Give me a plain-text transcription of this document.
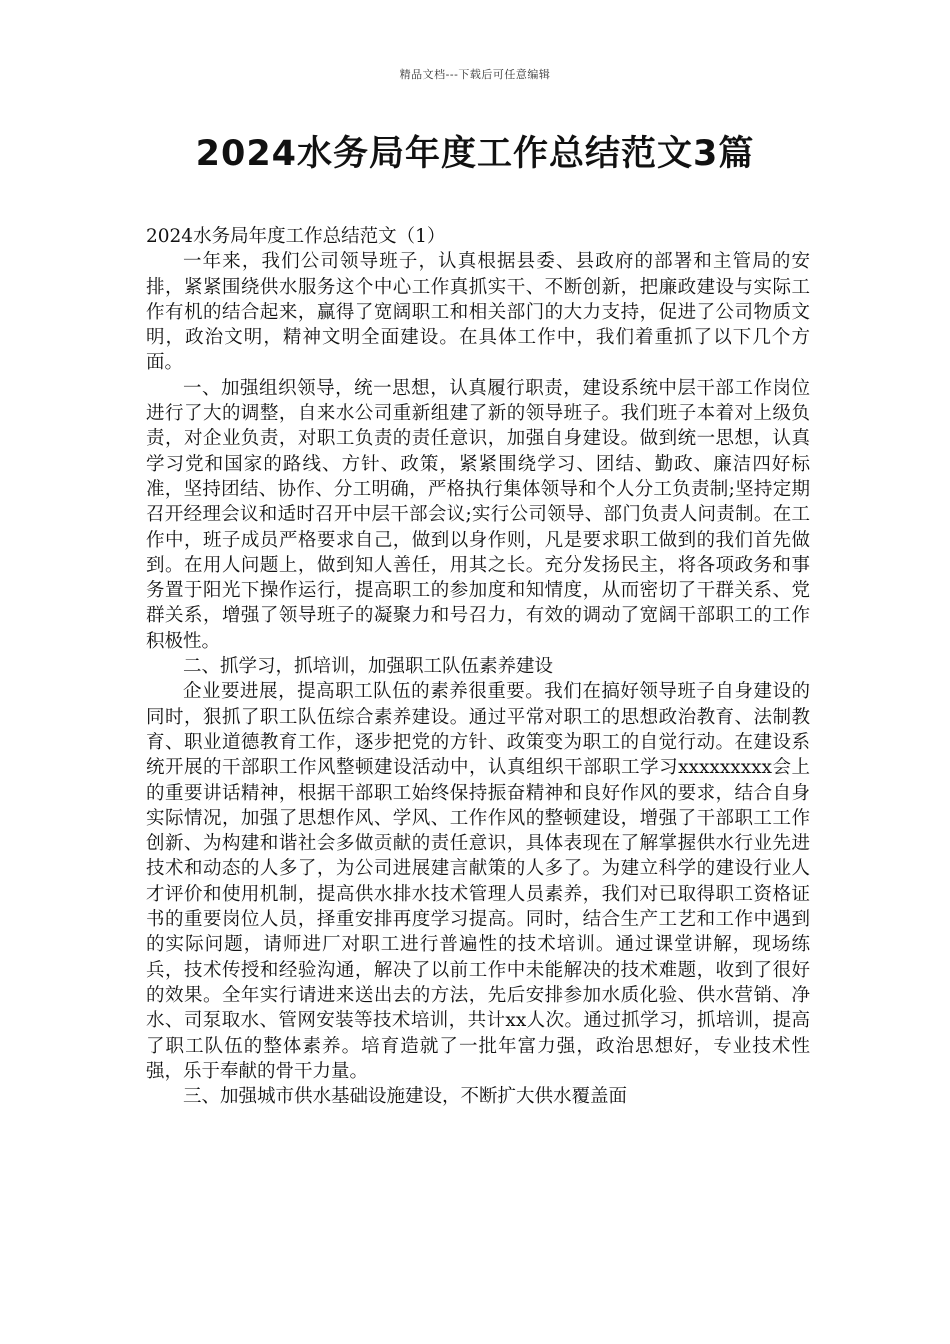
精品文档---下载后可任意编辑
2024水务局年度工作总结范文3篇

2024水务局年度工作总结范文（1）

一年来，我们公司领导班子，认真根据县委、县政府的部署和主管局的安排，紧紧围绕供水服务这个中心工作真抓实干、不断创新，把廉政建设与实际工作有机的结合起来，赢得了宽阔职工和相关部门的大力支持，促进了公司物质文明，政治文明，精神文明全面建设。在具体工作中，我们着重抓了以下几个方面。

一、加强组织领导，统一思想，认真履行职责，建设系统中层干部工作岗位进行了大的调整，自来水公司重新组建了新的领导班子。我们班子本着对上级负责，对企业负责，对职工负责的责任意识，加强自身建设。做到统一思想，认真学习党和国家的路线、方针、政策，紧紧围绕学习、团结、勤政、廉洁四好标准，坚持团结、协作、分工明确，严格执行集体领导和个人分工负责制;坚持定期召开经理会议和适时召开中层干部会议;实行公司领导、部门负责人问责制。在工作中，班子成员严格要求自己，做到以身作则，凡是要求职工做到的我们首先做到。在用人问题上，做到知人善任，用其之长。充分发扬民主，将各项政务和事务置于阳光下操作运行，提高职工的参加度和知情度，从而密切了干群关系、党群关系，增强了领导班子的凝聚力和号召力，有效的调动了宽阔干部职工的工作积极性。

二、抓学习，抓培训，加强职工队伍素养建设

企业要进展，提高职工队伍的素养很重要。我们在搞好领导班子自身建设的同时，狠抓了职工队伍综合素养建设。通过平常对职工的思想政治教育、法制教育、职业道德教育工作，逐步把党的方针、政策变为职工的自觉行动。在建设系统开展的干部职工作风整顿建设活动中，认真组织干部职工学习xxxxxxxxx会上的重要讲话精神，根据干部职工始终保持振奋精神和良好作风的要求，结合自身实际情况，加强了思想作风、学风、工作作风的整顿建设，增强了干部职工工作创新、为构建和谐社会多做贡献的责任意识，具体表现在了解掌握供水行业先进技术和动态的人多了，为公司进展建言献策的人多了。为建立科学的建设行业人才评价和使用机制，提高供水排水技术管理人员素养，我们对已取得职工资格证书的重要岗位人员，择重安排再度学习提高。同时，结合生产工艺和工作中遇到的实际问题，请师进厂对职工进行普遍性的技术培训。通过课堂讲解，现场练兵，技术传授和经验沟通，解决了以前工作中未能解决的技术难题，收到了很好的效果。全年实行请进来送出去的方法，先后安排参加水质化验、供水营销、净水、司泵取水、管网安装等技术培训，共计xx人次。通过抓学习，抓培训，提高了职工队伍的整体素养。培育造就了一批年富力强，政治思想好，专业技术性强，乐于奉献的骨干力量。

三、加强城市供水基础设施建设，不断扩大供水覆盖面
